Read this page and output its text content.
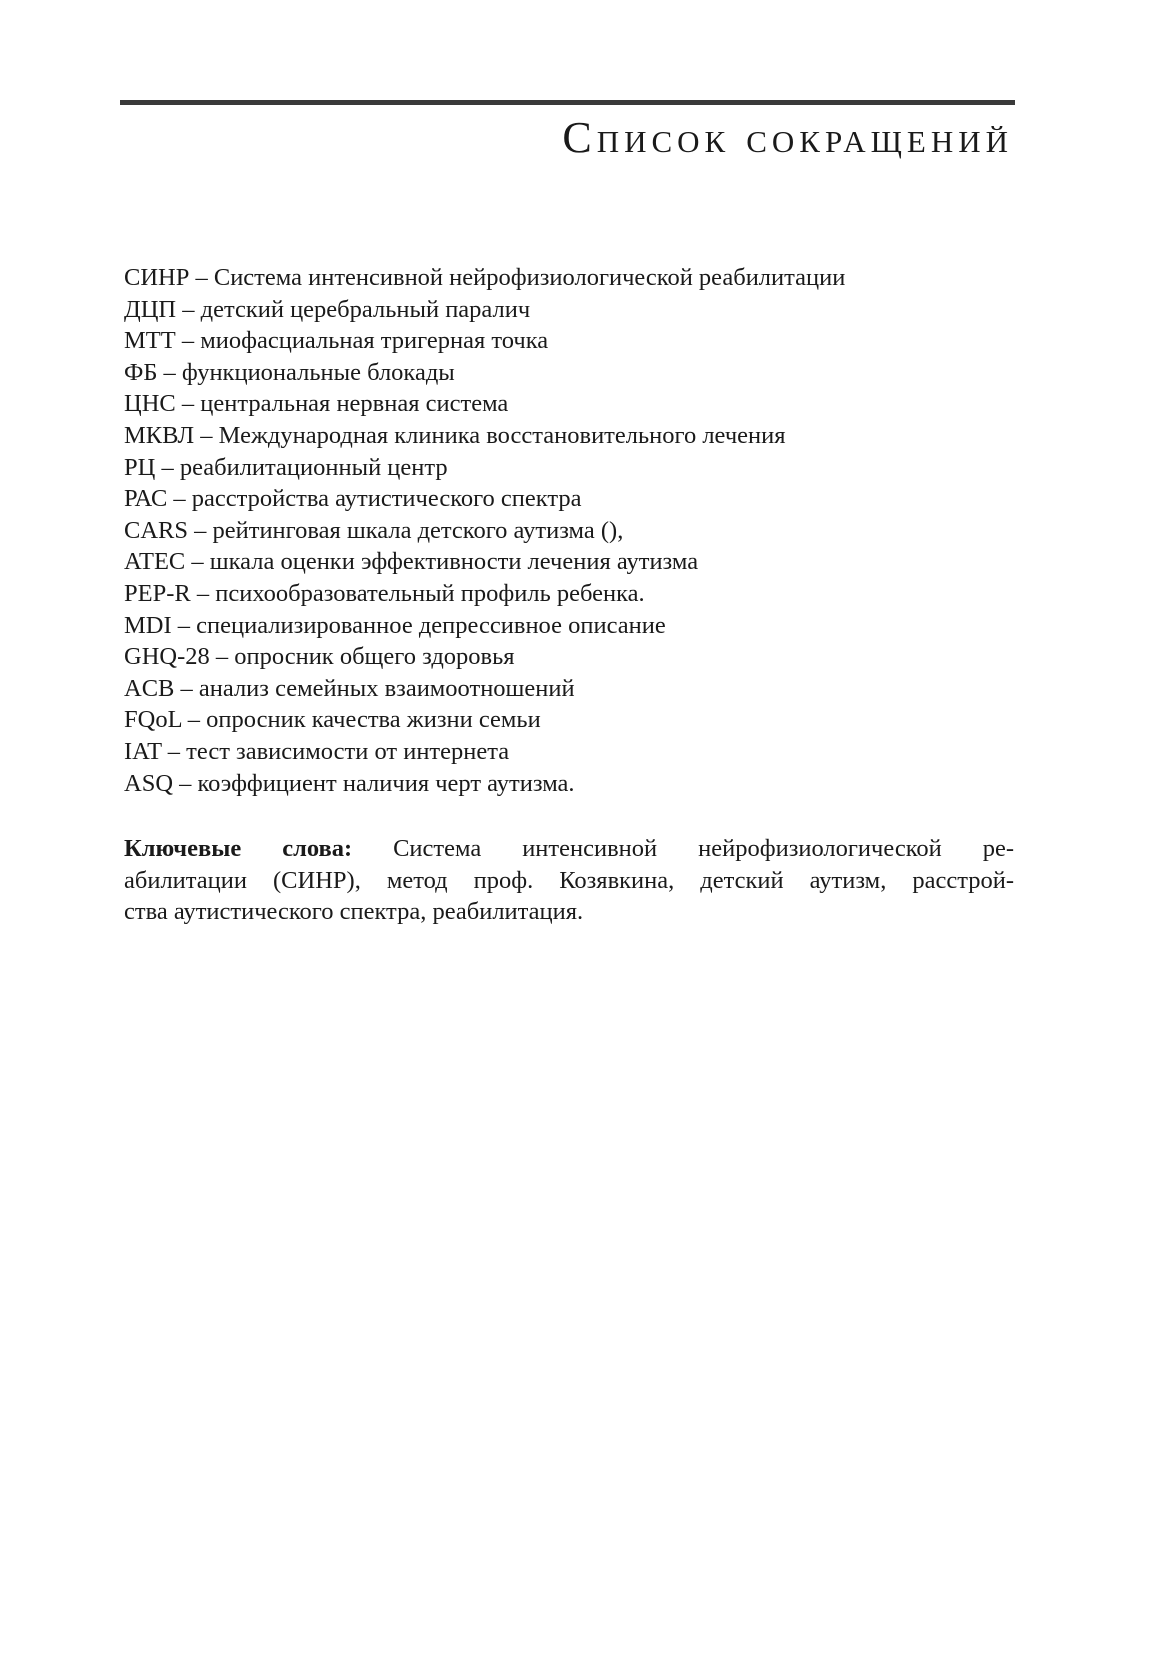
Список сокращений
СИНР – Система интенсивной нейрофизиологической реабилитации
ДЦП – детский церебральный паралич
МТТ – миофасциальная тригерная точка
ФБ – функциональные блокады
ЦНС – центральная нервная система
МКВЛ – Международная клиника восстановительного лечения
РЦ – реабилитационный центр
РАС – расстройства аутистического спектра
CARS – рейтинговая шкала детского аутизма (),
ATEC – шкала оценки эффективности лечения аутизма
PEP-R – психообразовательный профиль ребенка.
MDI – специализированное депрессивное описание
GHQ-28 – опросник общего здоровья
ACB – анализ семейных взаимоотношений
FQoL – опросник качества жизни семьи
IAT – тест зависимости от интернета
ASQ – коэффициент наличия черт аутизма.
Ключевые слова: Система интенсивной нейрофизиологической ре-
абилитации (СИНР), метод проф. Козявкина, детский аутизм, расстрой-
ства аутистического спектра, реабилитация.
